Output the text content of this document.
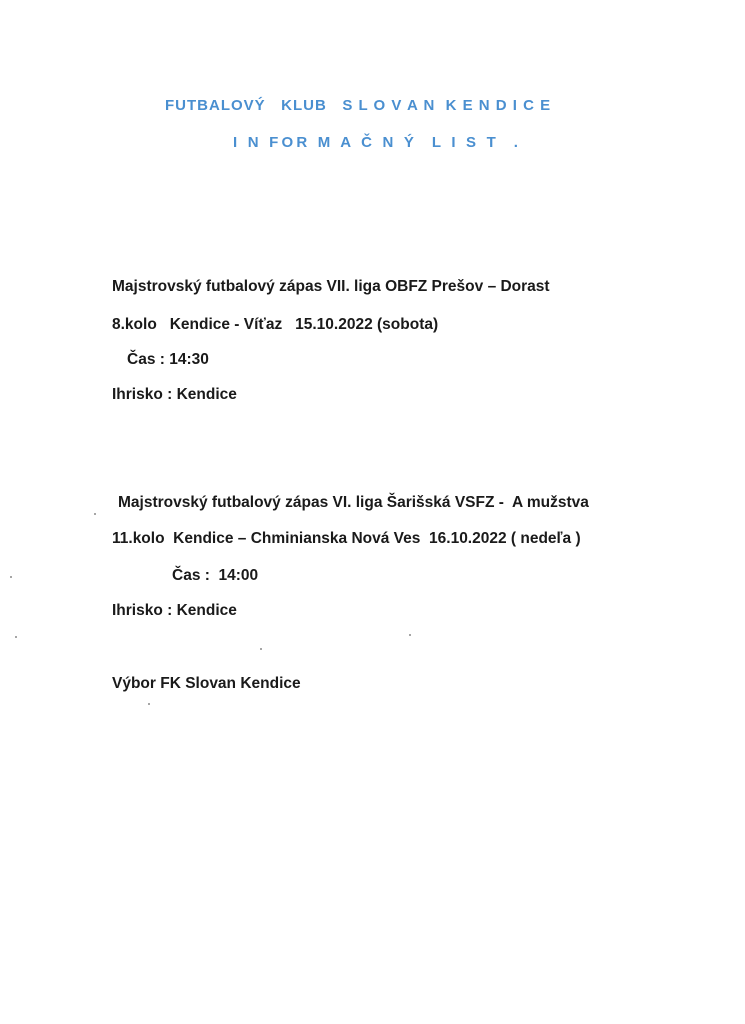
FUTBALOVÝ   KLUB   S L O V A N  K E N D I C E

I N FOR M A Č N Ý  L I S T  .

Majstrovský futbalový zápas VII. liga OBFZ Prešov – Dorast

8.kolo   Kendice - Víťaz   15.10.2022 (sobota)

Čas : 14:30

Ihrisko : Kendice

Majstrovský futbalový zápas VI. liga Šarišská VSFZ -  A mužstva

11.kolo  Kendice – Chminianska Nová Ves  16.10.2022 ( nedeľa )

Čas :  14:00

Ihrisko : Kendice

Výbor FK Slovan Kendice
